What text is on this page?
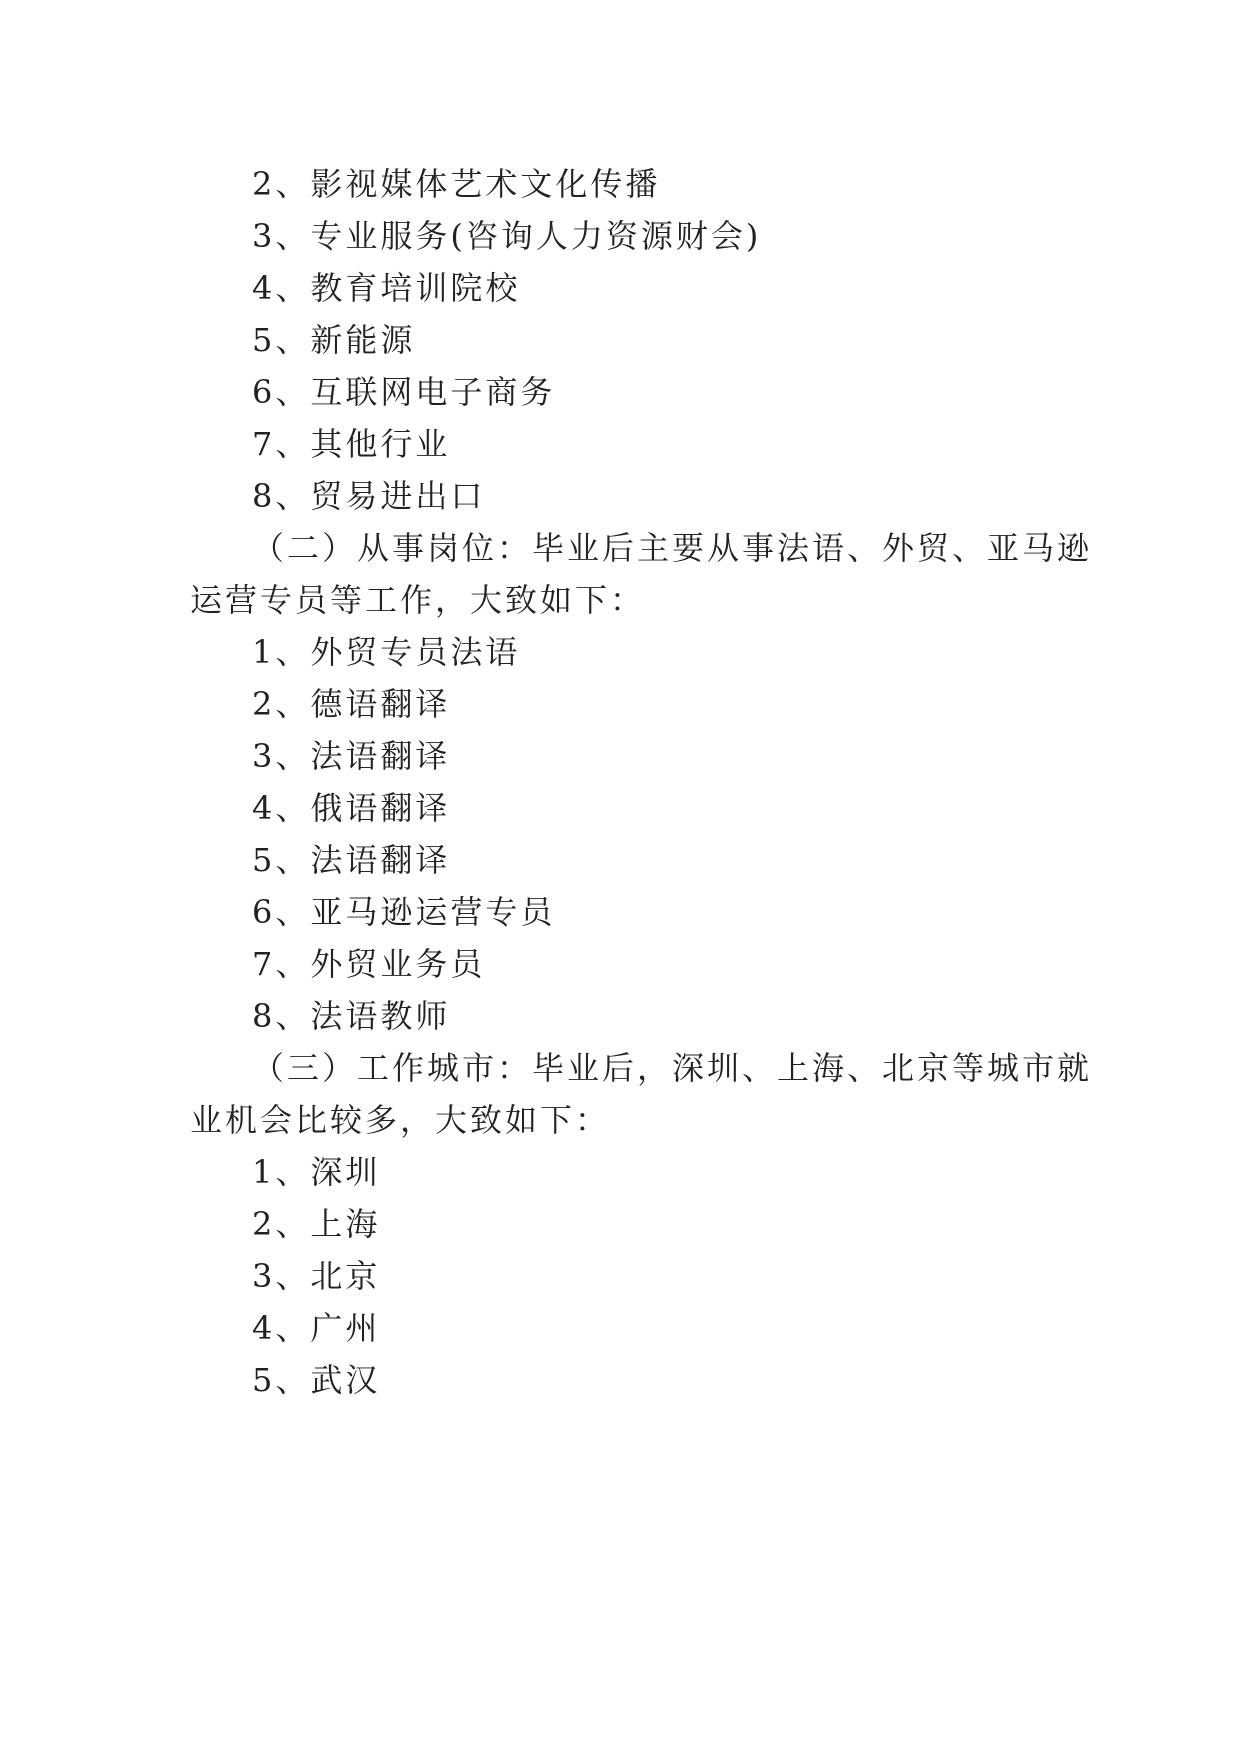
2、影视媒体艺术文化传播
3、专业服务(咨询人力资源财会)
4、教育培训院校
5、新能源
6、互联网电子商务
7、其他行业
8、贸易进出口
（二）从事岗位：毕业后主要从事法语、外贸、亚马逊
运营专员等工作，大致如下：
1、外贸专员法语
2、德语翻译
3、法语翻译
4、俄语翻译
5、法语翻译
6、亚马逊运营专员
7、外贸业务员
8、法语教师
（三）工作城市：毕业后，深圳、上海、北京等城市就
业机会比较多，大致如下：
1、深圳
2、上海
3、北京
4、广州
5、武汉
